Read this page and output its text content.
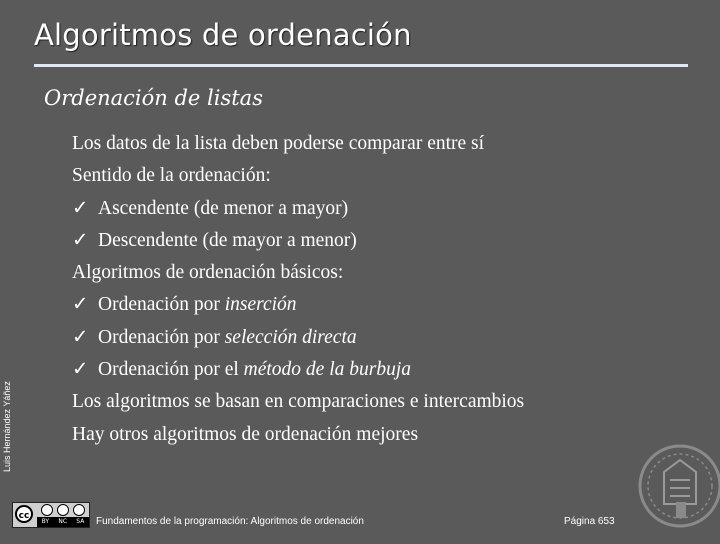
Algoritmos de ordenación
Ordenación de listas
Luis Hernández Yáñez
Los datos de la lista deben poderse comparar entre sí
Sentido de la ordenación:
✓ Ascendente (de menor a mayor)
✓ Descendente (de mayor a menor)
Algoritmos de ordenación básicos:
✓ Ordenación por inserción
✓ Ordenación por selección directa
✓ Ordenación por el método de la burbuja
Los algoritmos se basan en comparaciones e intercambios
Hay otros algoritmos de ordenación mejores
cc
BY NC SA Fundamentos de la programación: Algoritmos de ordenación	Página 653
